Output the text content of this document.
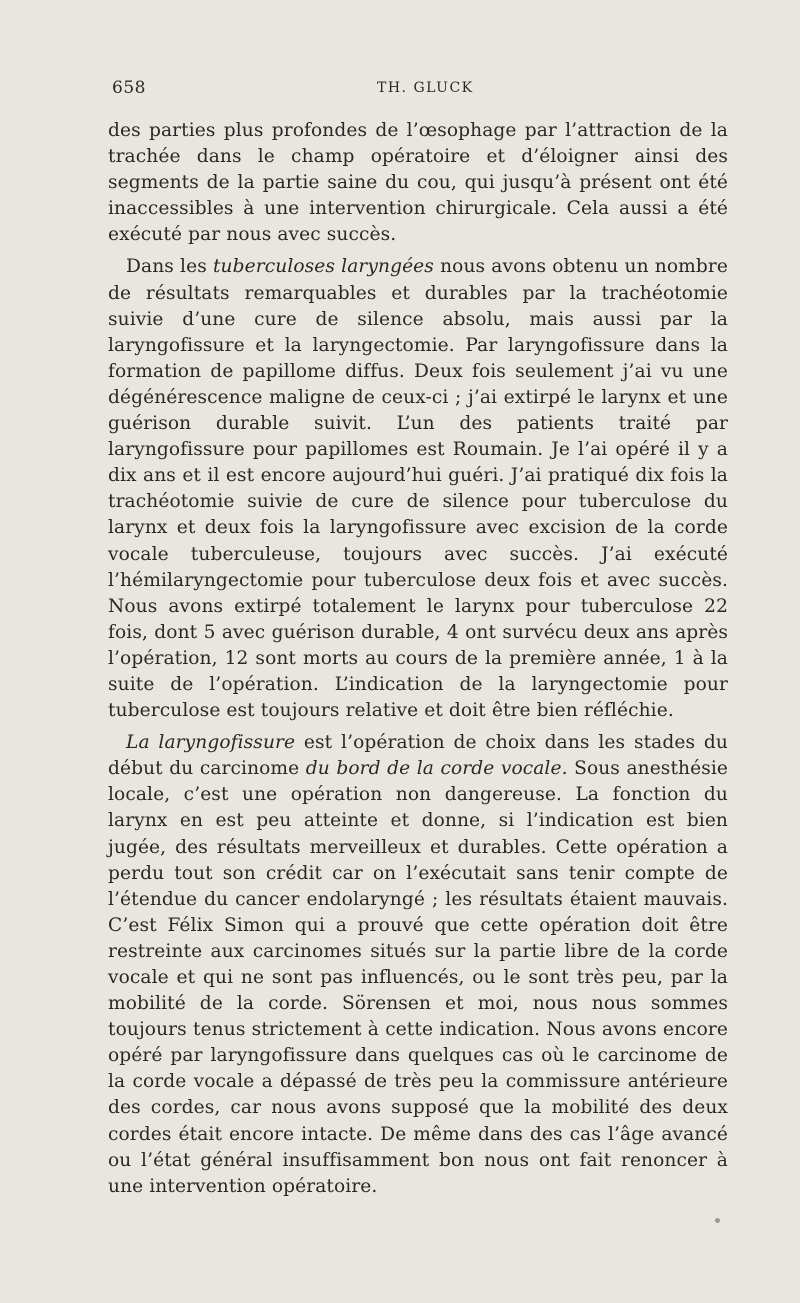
658	TH. GLUCK

des parties plus profondes de l’œsophage par l’attraction de la trachée dans le champ opératoire et d’éloigner ainsi des segments de la partie saine du cou, qui jusqu’à présent ont été inaccessibles à une intervention chirurgicale. Cela aussi a été exécuté par nous avec succès.

Dans les tuberculoses laryngées nous avons obtenu un nombre de résultats remarquables et durables par la trachéotomie suivie d’une cure de silence absolu, mais aussi par la laryngofissure et la laryngectomie. Par laryngofissure dans la formation de papillome diffus. Deux fois seulement j’ai vu une dégénérescence maligne de ceux-ci ; j’ai extirpé le larynx et une guérison durable suivit. L’un des patients traité par laryngofissure pour papillomes est Roumain. Je l’ai opéré il y a dix ans et il est encore aujourd’hui guéri. J’ai pratiqué dix fois la trachéotomie suivie de cure de silence pour tuberculose du larynx et deux fois la laryngofissure avec excision de la corde vocale tuberculeuse, toujours avec succès. J’ai exécuté l’hémilaryngectomie pour tuberculose deux fois et avec succès. Nous avons extirpé totalement le larynx pour tuberculose 22 fois, dont 5 avec guérison durable, 4 ont survécu deux ans après l’opération, 12 sont morts au cours de la première année, 1 à la suite de l’opération. L’indication de la laryngectomie pour tuberculose est toujours relative et doit être bien réfléchie.

La laryngofissure est l’opération de choix dans les stades du début du carcinome du bord de la corde vocale. Sous anesthésie locale, c’est une opération non dangereuse. La fonction du larynx en est peu atteinte et donne, si l’indication est bien jugée, des résultats merveilleux et durables. Cette opération a perdu tout son crédit car on l’exécutait sans tenir compte de l’étendue du cancer endolaryngé ; les résultats étaient mauvais. C’est Félix Simon qui a prouvé que cette opération doit être restreinte aux carcinomes situés sur la partie libre de la corde vocale et qui ne sont pas influencés, ou le sont très peu, par la mobilité de la corde. Sörensen et moi, nous nous sommes toujours tenus strictement à cette indication. Nous avons encore opéré par laryngofissure dans quelques cas où le carcinome de la corde vocale a dépassé de très peu la commissure antérieure des cordes, car nous avons supposé que la mobilité des deux cordes était encore intacte. De même dans des cas l’âge avancé ou l’état général insuffisamment bon nous ont fait renoncer à une intervention opératoire.
